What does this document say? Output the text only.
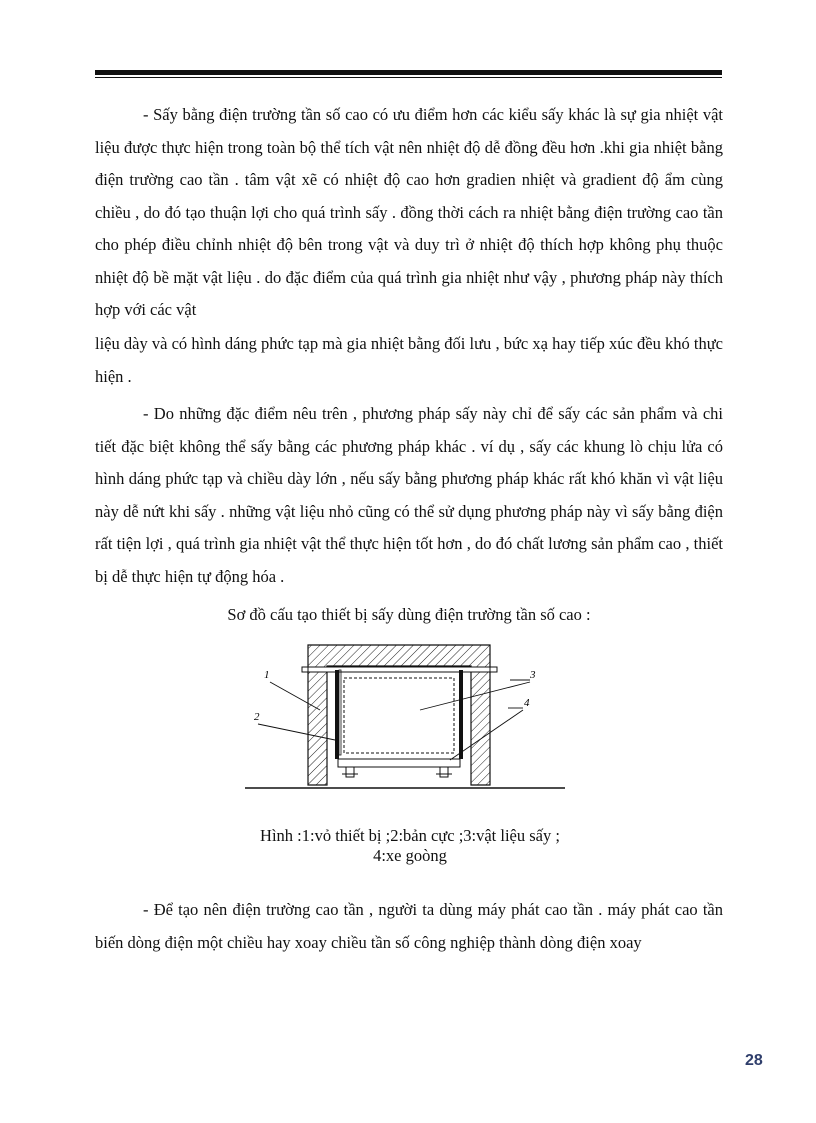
- Sấy bằng điện trường tần số cao có ưu điểm hơn các kiểu sấy khác là sự gia nhiệt vật liệu được thực hiện trong toàn bộ thể tích vật nên nhiệt độ dễ đồng đều hơn .khi gia nhiệt bằng điện trường cao tần . tâm vật xẽ có nhiệt độ cao hơn gradien nhiệt và gradient độ ẩm cùng chiều , do đó tạo thuận lợi cho quá trình sấy . đồng thời cách ra nhiệt bằng điện trường cao tần cho phép điều chỉnh nhiệt độ bên trong vật và duy trì ở nhiệt độ thích hợp không phụ thuộc nhiệt độ bề mặt vật liệu . do đặc điểm của quá trình gia nhiệt như vậy , phương pháp này thích hợp với các vật

liệu dày và có hình dáng phức tạp mà gia nhiệt bằng đối lưu , bức xạ hay tiếp xúc đều khó thực hiện .

- Do những đặc điểm nêu trên , phương pháp sấy này chỉ để sấy các sản phẩm và chi tiết đặc biệt không thể sấy bằng các phương pháp khác . ví dụ , sấy các khung lò chịu lửa có hình dáng phức tạp và chiều dày lớn , nếu sấy bằng phương pháp khác rất khó khăn vì vật liệu này dễ nứt khi sấy . những vật liệu nhỏ cũng có thể sử dụng phương pháp này vì sấy bằng điện rất tiện lợi , quá trình gia nhiệt vật thể thực hiện tốt hơn , do đó chất lương sản phẩm cao , thiết bị dễ thực hiện tự động hóa .

Sơ đồ cấu tạo thiết bị sấy dùng điện trường tần số cao :

1
2
3
4
Hình :1:vỏ thiết bị ;2:bản cực ;3:vật liệu sấy ;
4:xe goòng

- Để tạo nên điện trường cao tần , người ta dùng máy phát cao tần . máy phát cao tần biến dòng điện một chiều hay xoay chiều tần số công nghiệp thành dòng điện xoay

28
